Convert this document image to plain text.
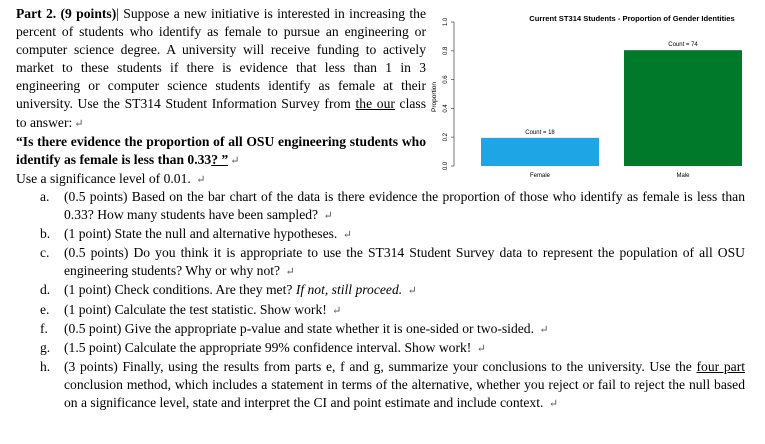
Part 2. (9 points)| Suppose a new initiative is interested in increasing the percent of students who identify as female to pursue an engineering or computer science degree. A university will receive funding to actively market to these students if there is evidence that less than 1 in 3 engineering or computer science students identify as female at their university. Use the ST314 Student Information Survey from the our class to answer: ↵

“Is there evidence the proportion of all OSU engineering students who identify as female is less than 0.33? ” ↵

Use a significance level of 0.01. ↵

Current ST314 Students - Proportion of Gender Identities
Proportion
0.0
0.2
0.4
0.6
0.8
1.0
Count = 18
Count = 74
Female	Male
a.	(0.5 points) Based on the bar chart of the data is there evidence the proportion of those who identify as female is less than 0.33? How many students have been sampled? ↵
b.	(1 point) State the null and alternative hypotheses. ↵
c.	(0.5 points) Do you think it is appropriate to use the ST314 Student Survey data to represent the population of all OSU engineering students? Why or why not? ↵
d.	(1 point) Check conditions. Are they met? If not, still proceed. ↵
e.	(1 point) Calculate the test statistic. Show work! ↵
f.	(0.5 point) Give the appropriate p-value and state whether it is one-sided or two-sided. ↵
g.	(1.5 point) Calculate the appropriate 99% confidence interval. Show work! ↵
h.	(3 points) Finally, using the results from parts e, f and g, summarize your conclusions to the university. Use the four part conclusion method, which includes a statement in terms of the alternative, whether you reject or fail to reject the null based on a significance level, state and interpret the CI and point estimate and include context. ↵
